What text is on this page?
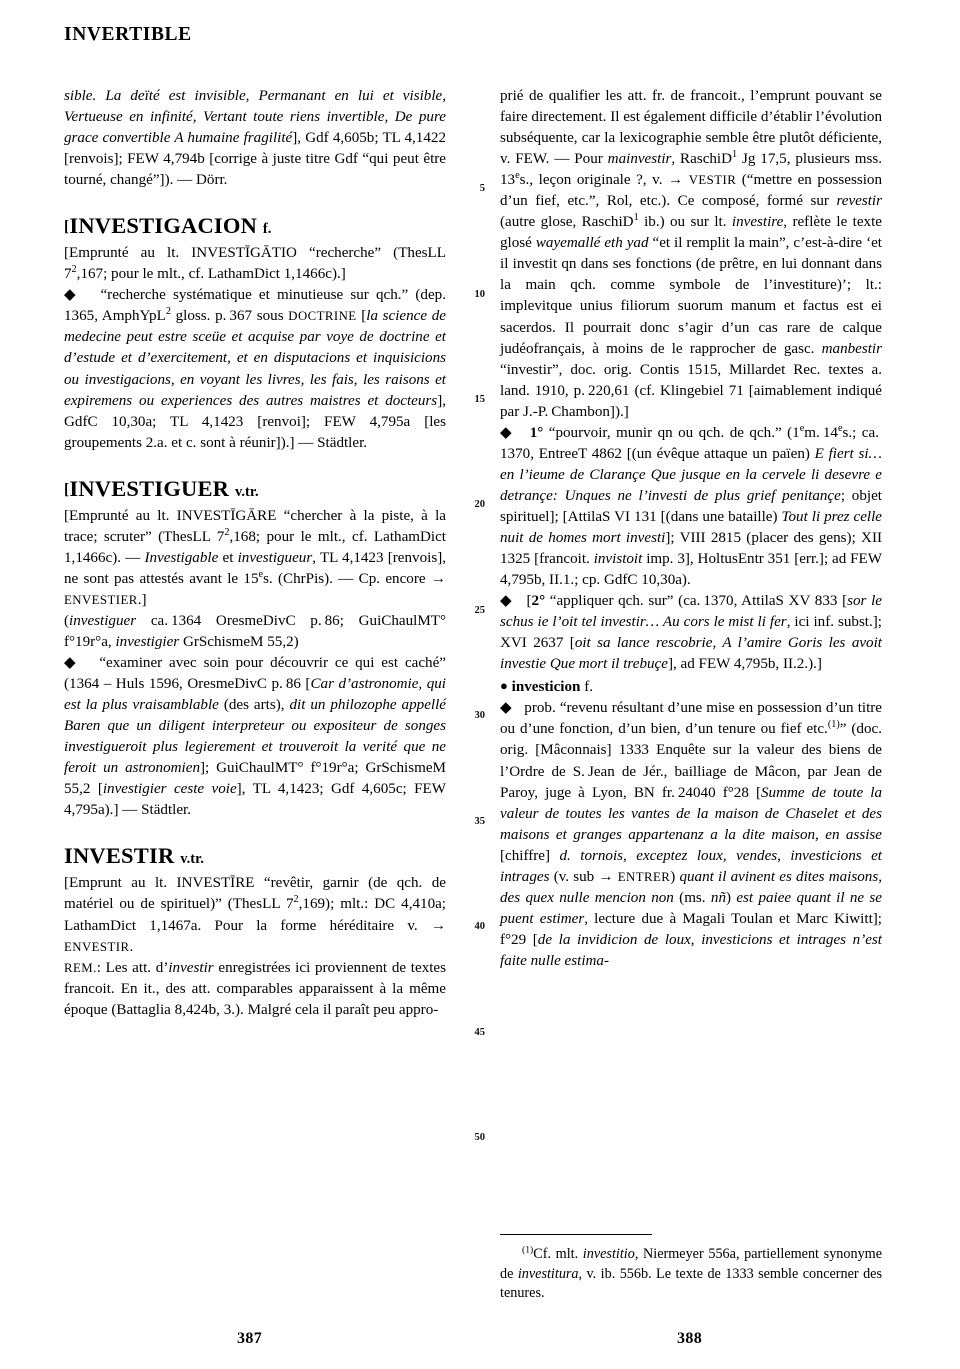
INVERTIBLE

sible. La deïté est invisible, Permanant en lui et visible, Vertueuse en infinité, Vertant toute riens invertible, De pure grace convertible A humaine fragilité], Gdf 4,605b; TL 4,1422 [renvois]; FEW 4,794b [corrige à juste titre Gdf “qui peut être tourné, changé”]). — Dörr.

[INVESTIGACION f.

[Emprunté au lt. INVESTĪGĀTIO “recherche” (ThesLL $7^2,167$; pour le mlt., cf. LathamDict 1,1466c).]

◆   “recherche systématique et minutieuse sur qch.” (dep. 1365, AmphYpL$^2$ gloss. p. 367 sous DOCTRINE [la science de medecine peut estre sceüe et acquise par voye de doctrine et d’estude et d’exercitement, et en disputacions et inquisicions ou investigacions, en voyant les livres, les fais, les raisons et expiremens ou experiences des autres maistres et docteurs], GdfC 10,30a; TL 4,1423 [renvoi]; FEW 4,795a [les groupements 2.a. et c. sont à réunir]).] — Städtler.

[INVESTIGUER v.tr.

[Emprunté au lt. INVESTĪGĀRE “chercher à la piste, à la trace; scruter” (ThesLL $7^2,168$; pour le mlt., cf. LathamDict 1,1466c). — Investigable et investigueur, TL 4,1423 [renvois], ne sont pas attestés avant le 15es. (ChrPis). — Cp. encore → ENVESTIER.]

(investiguer ca. 1364 OresmeDivC p. 86; GuiChaulMT° f°19r°a, investigier GrSchismeM 55,2)

◆   “examiner avec soin pour découvrir ce qui est caché” (1364 – Huls 1596, OresmeDivC p. 86 [Car d’astronomie, qui est la plus vraisamblable (des arts), dit un philozophe appellé Baren que un diligent interpreteur ou expositeur de songes investigueroit plus legierement et trouveroit la verité que ne feroit un astronomien]; GuiChaulMT° f°19r°a; GrSchismeM 55,2 [investigier ceste voie], TL 4,1423; Gdf 4,605c; FEW 4,795a).] — Städtler.

INVESTIR v.tr.

[Emprunt au lt. INVESTĪRE “revêtir, garnir (de qch. de matériel ou de spirituel)” (ThesLL $7^2,169$); mlt.: DC 4,410a; LathamDict 1,1467a. Pour la forme héréditaire v. → ENVESTIR.

REM.: Les att. d’investir enregistrées ici proviennent de textes francoit. En it., des att. comparables apparaissent à la même époque (Battaglia 8,424b, 3.). Malgré cela il paraît peu appro-

prié de qualifier les att. fr. de francoit., l’emprunt pouvant se faire directement. Il est également difficile d’établir l’évolution subséquente, car la lexicographie semble être plutôt déficiente, v. FEW. — Pour mainvestir, RaschiD$^1$ Jg 17,5, plusieurs mss. 13es., leçon originale ?, v. → VESTIR (“mettre en possession d’un fief, etc.”, Rol, etc.). Ce composé, formé sur revestir (autre glose, RaschiD$^1$ ib.) ou sur lt. investire, reflète le texte glosé wayemallé eth yad “et il remplit la main”, c’est-à-dire ‘et il investit qn dans ses fonctions (de prêtre, en lui donnant dans la main qch. comme symbole de l’investiture)’; lt.: implevitque unius filiorum suorum manum et factus est ei sacerdos. Il pourrait donc s’agir d’un cas rare de calque judéofrançais, à moins de le rapprocher de gasc. manbestir “investir”, doc. orig. Contis 1515, Millardet Rec. textes a. land. 1910, p. 220,61 (cf. Klingebiel 71 [aimablement indiqué par J.-P. Chambon]).]

◆   1° “pourvoir, munir qn ou qch. de qch.” (1em. 14es.; ca. 1370, EntreeT 4862 [(un évêque attaque un païen) E fiert si… en l’ieume de Clarançe Que jusque en la cervele li desevre e detrançe: Unques ne l’investi de plus grief penitançe; objet spirituel]; [AttilaS VI 131 [(dans une bataille) Tout li prez celle nuit de homes mort investi]; VIII 2815 (placer des gens); XII 1325 [francoit. invistoit imp. 3], HoltusEntr 351 [err.]; ad FEW 4,795b, II.1.; cp. GdfC 10,30a).

◆   [2° “appliquer qch. sur” (ca. 1370, AttilaS XV 833 [sor le schus ie l’oit tel investir… Au cors le mist li fer, ici inf. subst.]; XVI 2637 [oit sa lance rescobrie, A l’amire Goris les avoit investie Que mort il trebuçe], ad FEW 4,795b, II.2.).]

● investicion f.

◆   prob. “revenu résultant d’une mise en possession d’un titre ou d’une fonction, d’un bien, d’un tenure ou fief etc.$^{(1)}$” (doc. orig. [Mâconnais] 1333 Enquête sur la valeur des biens de l’Ordre de S. Jean de Jér., bailliage de Mâcon, par Jean de Paroy, juge à Lyon, BN fr. 24040 f°28 [Summe de toute la valeur de toutes les vantes de la maison de Chaselet et des maisons et granges appartenanz a la dite maison, en assise [chiffre] d. tornois, exceptez loux, vendes, investicions et intrages (v. sub → ENTRER) quant il avinent es dites maisons, des quex nulle mencion non (ms. nñ) est paiee quant il ne se puent estimer, lecture due à Magali Toulan et Marc Kiwitt]; f°29 [de la invidicion de loux, investicions et intrages n’est faite nulle estima-

5
10
15
20
25
30
35
40
45
50

$^{(1)}$Cf. mlt. investitio, Niermeyer 556a, partiellement synonyme de investitura, v. ib. 556b. Le texte de 1333 semble concerner des tenures.

387	388
